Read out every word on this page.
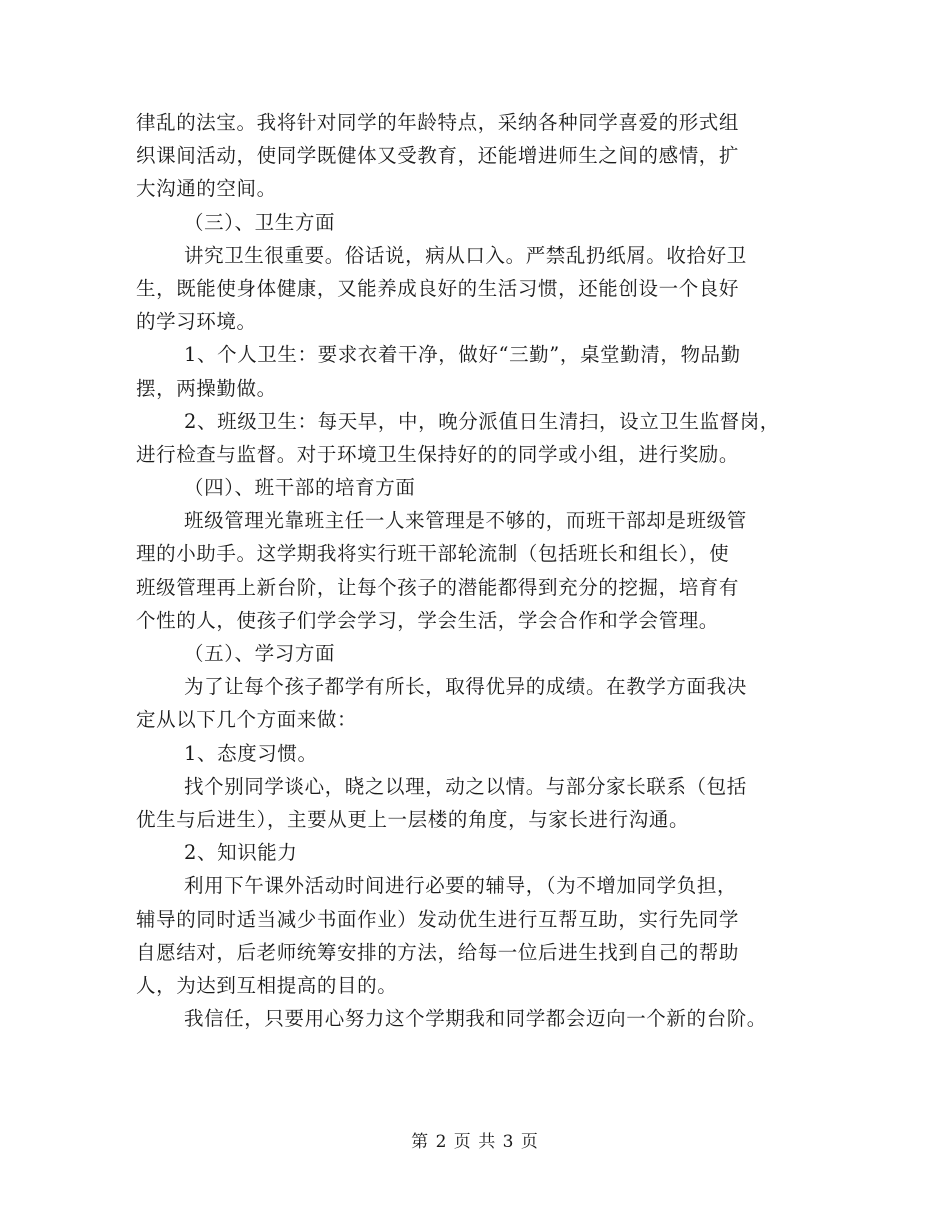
律乱的法宝。我将针对同学的年龄特点，采纳各种同学喜爱的形式组
织课间活动，使同学既健体又受教育，还能增进师生之间的感情，扩
大沟通的空间。
（三）、卫生方面
讲究卫生很重要。俗话说，病从口入。严禁乱扔纸屑。收拾好卫
生，既能使身体健康，又能养成良好的生活习惯，还能创设一个良好
的学习环境。
1、个人卫生：要求衣着干净，做好“三勤”，桌堂勤清，物品勤
摆，两操勤做。
2、班级卫生：每天早，中，晚分派值日生清扫，设立卫生监督岗，
进行检查与监督。对于环境卫生保持好的的同学或小组，进行奖励。
（四）、班干部的培育方面
班级管理光靠班主任一人来管理是不够的，而班干部却是班级管
理的小助手。这学期我将实行班干部轮流制（包括班长和组长），使
班级管理再上新台阶，让每个孩子的潜能都得到充分的挖掘，培育有
个性的人，使孩子们学会学习，学会生活，学会合作和学会管理。
（五）、学习方面
为了让每个孩子都学有所长，取得优异的成绩。在教学方面我决
定从以下几个方面来做：
1、态度习惯。
找个别同学谈心，晓之以理，动之以情。与部分家长联系（包括
优生与后进生），主要从更上一层楼的角度，与家长进行沟通。
2、知识能力
利用下午课外活动时间进行必要的辅导，（为不增加同学负担，
辅导的同时适当减少书面作业）发动优生进行互帮互助，实行先同学
自愿结对，后老师统筹安排的方法，给每一位后进生找到自己的帮助
人，为达到互相提高的目的。
我信任，只要用心努力这个学期我和同学都会迈向一个新的台阶。
第 2 页 共 3 页
